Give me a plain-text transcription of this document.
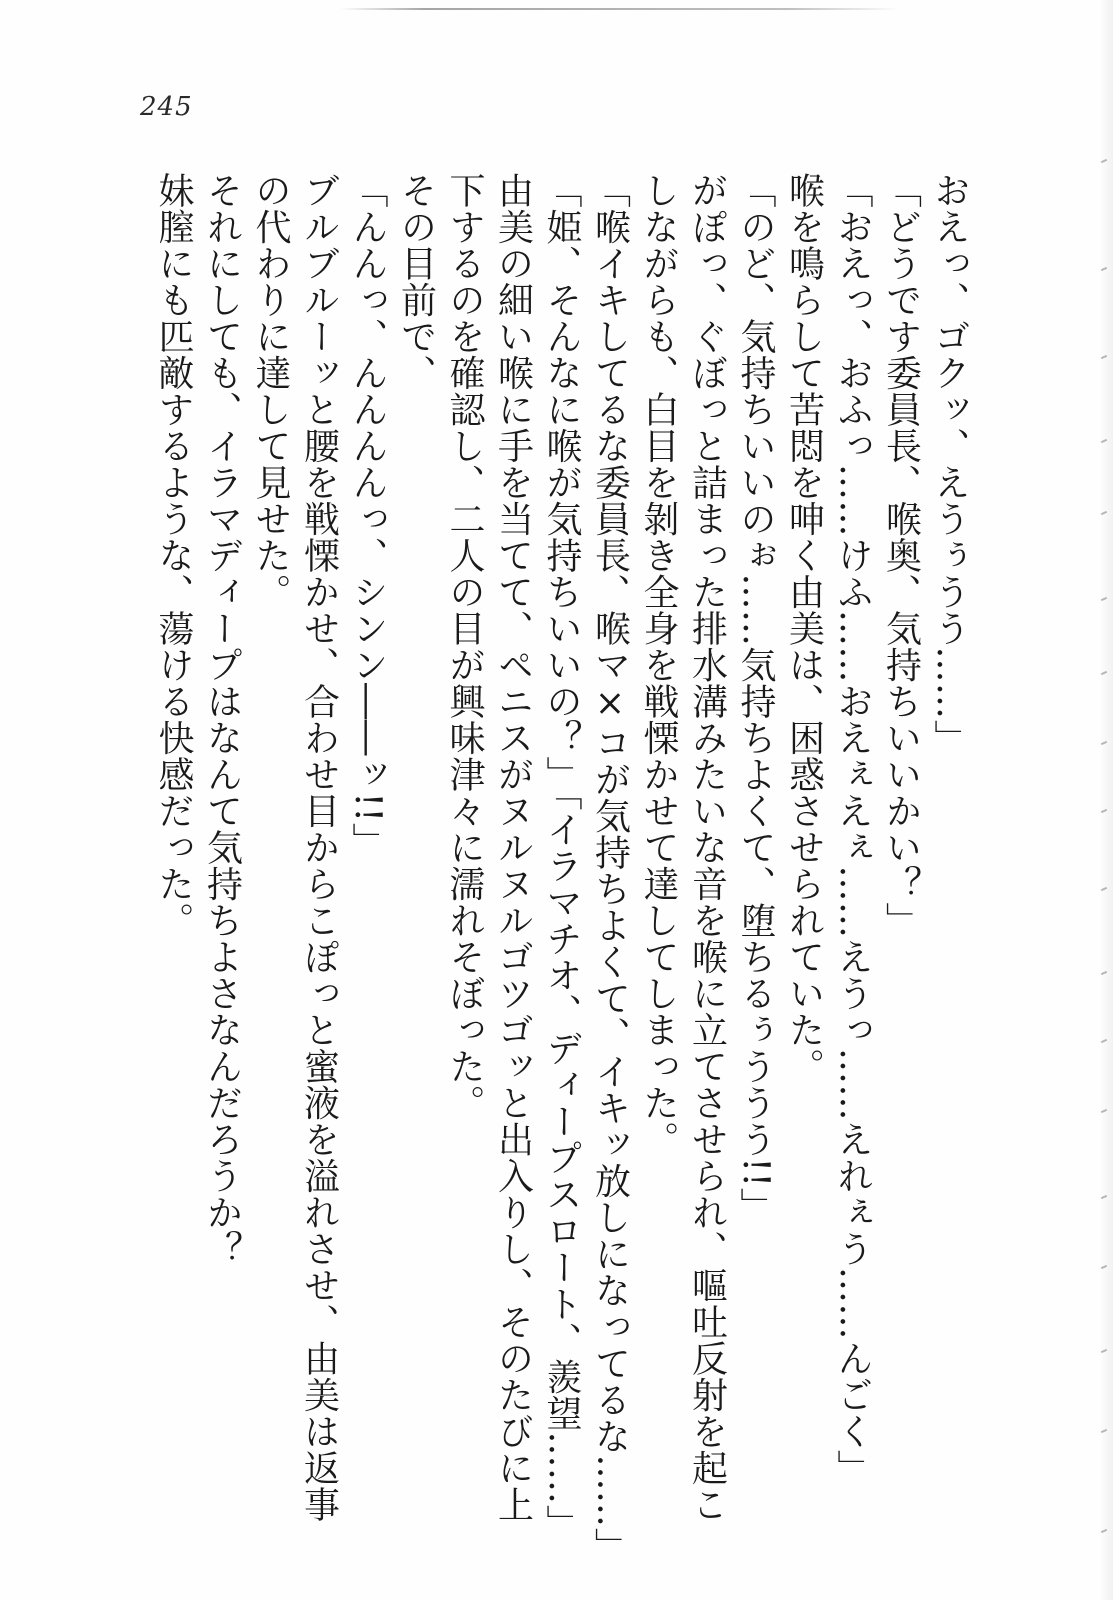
245
おえっ、ゴクッ、えうぅうう……」
「どうです委員長、喉奥、気持ちいいかい？」
「おえっ、おふっ……けふ……おえぇえぇ……えうっ……えれぇう……んごく」
喉を鳴らして苦悶を呻く由美は、困惑させられていた。
「のど、気持ちいいのぉ……気持ちよくて、堕ちるぅううう!!」
がぽっ、ぐぼっと詰まった排水溝みたいな音を喉に立てさせられ、嘔吐反射を起こ
しながらも、白目を剝き全身を戦慄かせて達してしまった。
「喉イキしてるな委員長、喉マ×コが気持ちよくて、イキッ放しになってるな……」
「姫、そんなに喉が気持ちいいの？」「イラマチオ、ディープスロート、羨望……」
由美の細い喉に手を当てて、ペニスがヌルヌルゴツゴッと出入りし、そのたびに上
下するのを確認し、二人の目が興味津々に濡れそぼった。
その目前で、
「んんっ、んんんんっ、シンン――ッ!!」
ブルブルーッと腰を戦慄かせ、合わせ目からこぽっと蜜液を溢れさせ、由美は返事
の代わりに達して見せた。
それにしても、イラマディープはなんて気持ちよさなんだろうか？
妹膣にも匹敵するような、蕩ける快感だった。
